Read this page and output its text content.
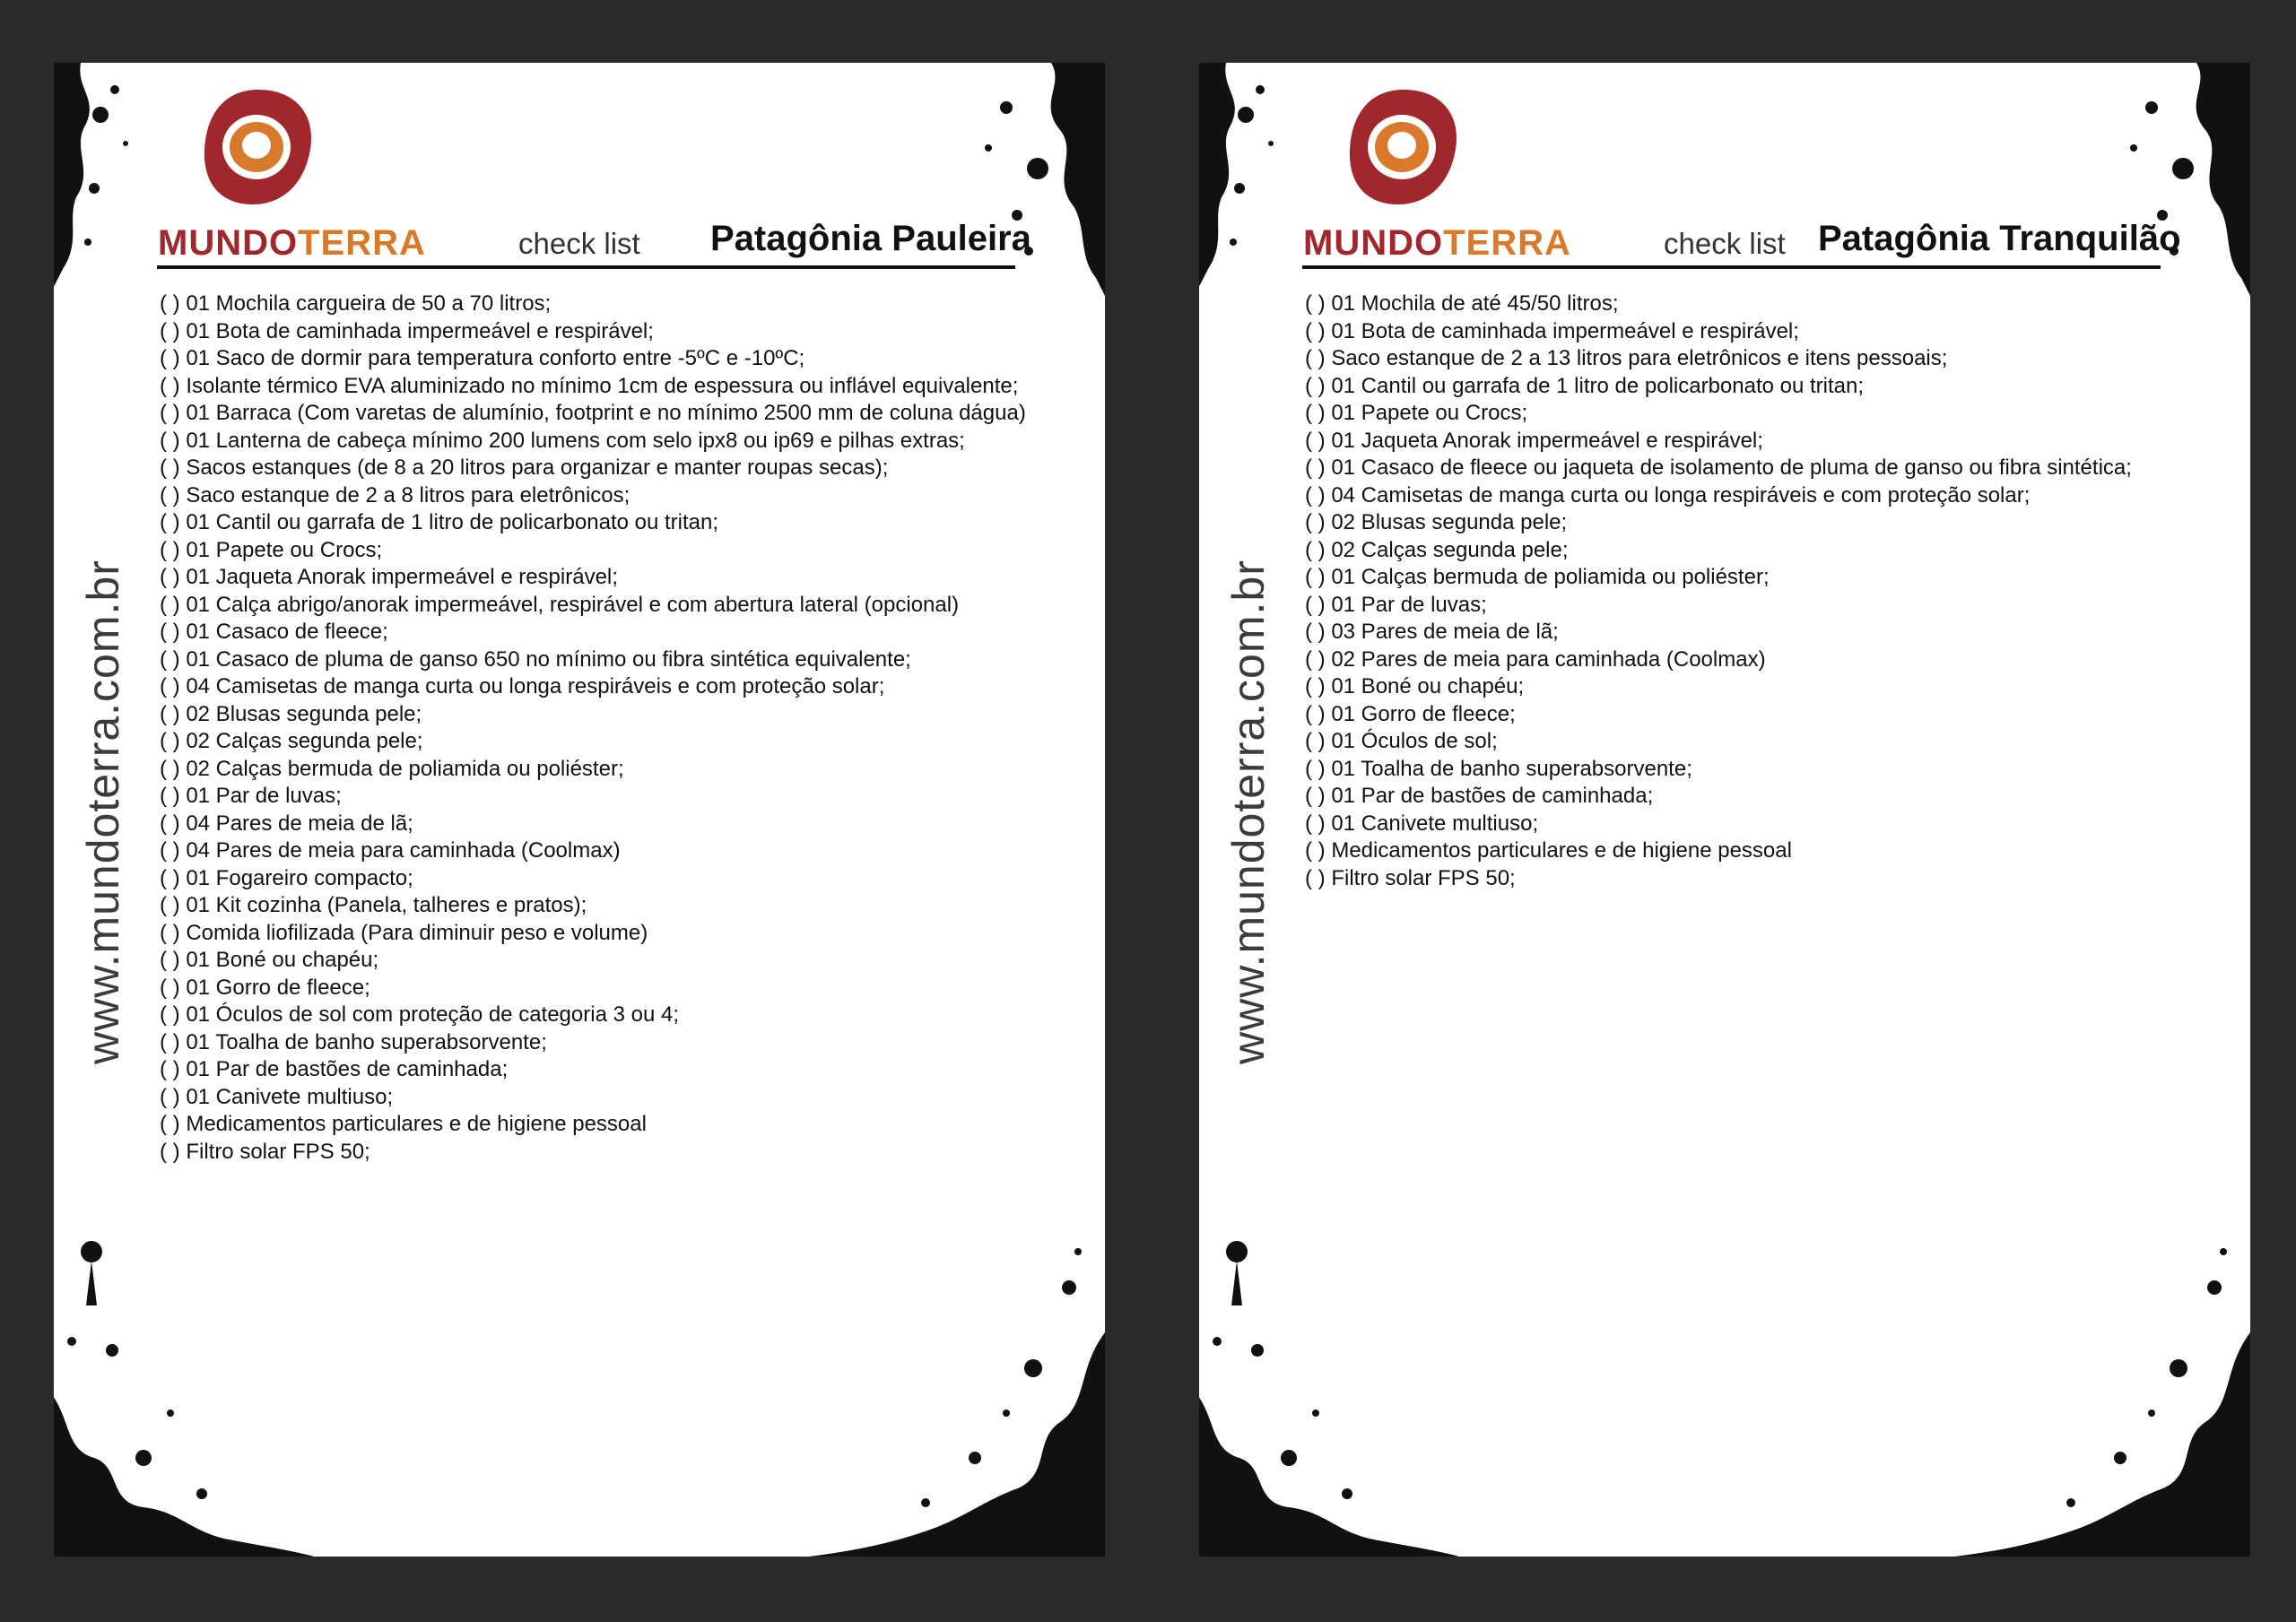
MUNDOTERRA	check list Patagônia Pauleira
www.mundoterra.com.br
( ) 01 Mochila cargueira de 50 a 70 litros;
( ) 01 Bota de caminhada impermeável e respirável;
( ) 01 Saco de dormir para temperatura conforto entre -5ºC e -10ºC;
( ) Isolante térmico EVA aluminizado no mínimo 1cm de espessura ou inflável equivalente;
( ) 01 Barraca (Com varetas de alumínio, footprint e no mínimo 2500 mm de coluna dágua)
( ) 01 Lanterna de cabeça mínimo 200 lumens com selo ipx8 ou ip69 e pilhas extras;
( ) Sacos estanques (de 8 a 20 litros para organizar e manter roupas secas);
( ) Saco estanque de 2 a 8 litros para eletrônicos;
( ) 01 Cantil ou garrafa de 1 litro de policarbonato ou tritan;
( ) 01 Papete ou Crocs;
( ) 01 Jaqueta Anorak impermeável e respirável;
( ) 01 Calça abrigo/anorak impermeável, respirável e com abertura lateral (opcional)
( ) 01 Casaco de fleece;
( ) 01 Casaco de pluma de ganso 650 no mínimo ou fibra sintética equivalente;
( ) 04 Camisetas de manga curta ou longa respiráveis e com proteção solar;
( ) 02 Blusas segunda pele;
( ) 02 Calças segunda pele;
( ) 02 Calças bermuda de poliamida ou poliéster;
( ) 01 Par de luvas;
( ) 04 Pares de meia de lã;
( ) 04 Pares de meia para caminhada (Coolmax)
( ) 01 Fogareiro compacto;
( ) 01 Kit cozinha (Panela, talheres e pratos);
( ) Comida liofilizada (Para diminuir peso e volume)
( ) 01 Boné ou chapéu;
( ) 01 Gorro de fleece;
( ) 01 Óculos de sol com proteção de categoria 3 ou 4;
( ) 01 Toalha de banho superabsorvente;
( ) 01 Par de bastões de caminhada;
( ) 01 Canivete multiuso;
( ) Medicamentos particulares e de higiene pessoal
( ) Filtro solar FPS 50;
MUNDOTERRA	check list Patagônia Tranquilão
www.mundoterra.com.br
( ) 01 Mochila de até 45/50 litros;
( ) 01 Bota de caminhada impermeável e respirável;
( ) Saco estanque de 2 a 13 litros para eletrônicos e itens pessoais;
( ) 01 Cantil ou garrafa de 1 litro de policarbonato ou tritan;
( ) 01 Papete ou Crocs;
( ) 01 Jaqueta Anorak impermeável e respirável;
( ) 01 Casaco de fleece ou jaqueta de isolamento de pluma de ganso ou fibra sintética;
( ) 04 Camisetas de manga curta ou longa respiráveis e com proteção solar;
( ) 02 Blusas segunda pele;
( ) 02 Calças segunda pele;
( ) 01 Calças bermuda de poliamida ou poliéster;
( ) 01 Par de luvas;
( ) 03 Pares de meia de lã;
( ) 02 Pares de meia para caminhada (Coolmax)
( ) 01 Boné ou chapéu;
( ) 01 Gorro de fleece;
( ) 01 Óculos de sol;
( ) 01 Toalha de banho superabsorvente;
( ) 01 Par de bastões de caminhada;
( ) 01 Canivete multiuso;
( ) Medicamentos particulares e de higiene pessoal
( ) Filtro solar FPS 50;
